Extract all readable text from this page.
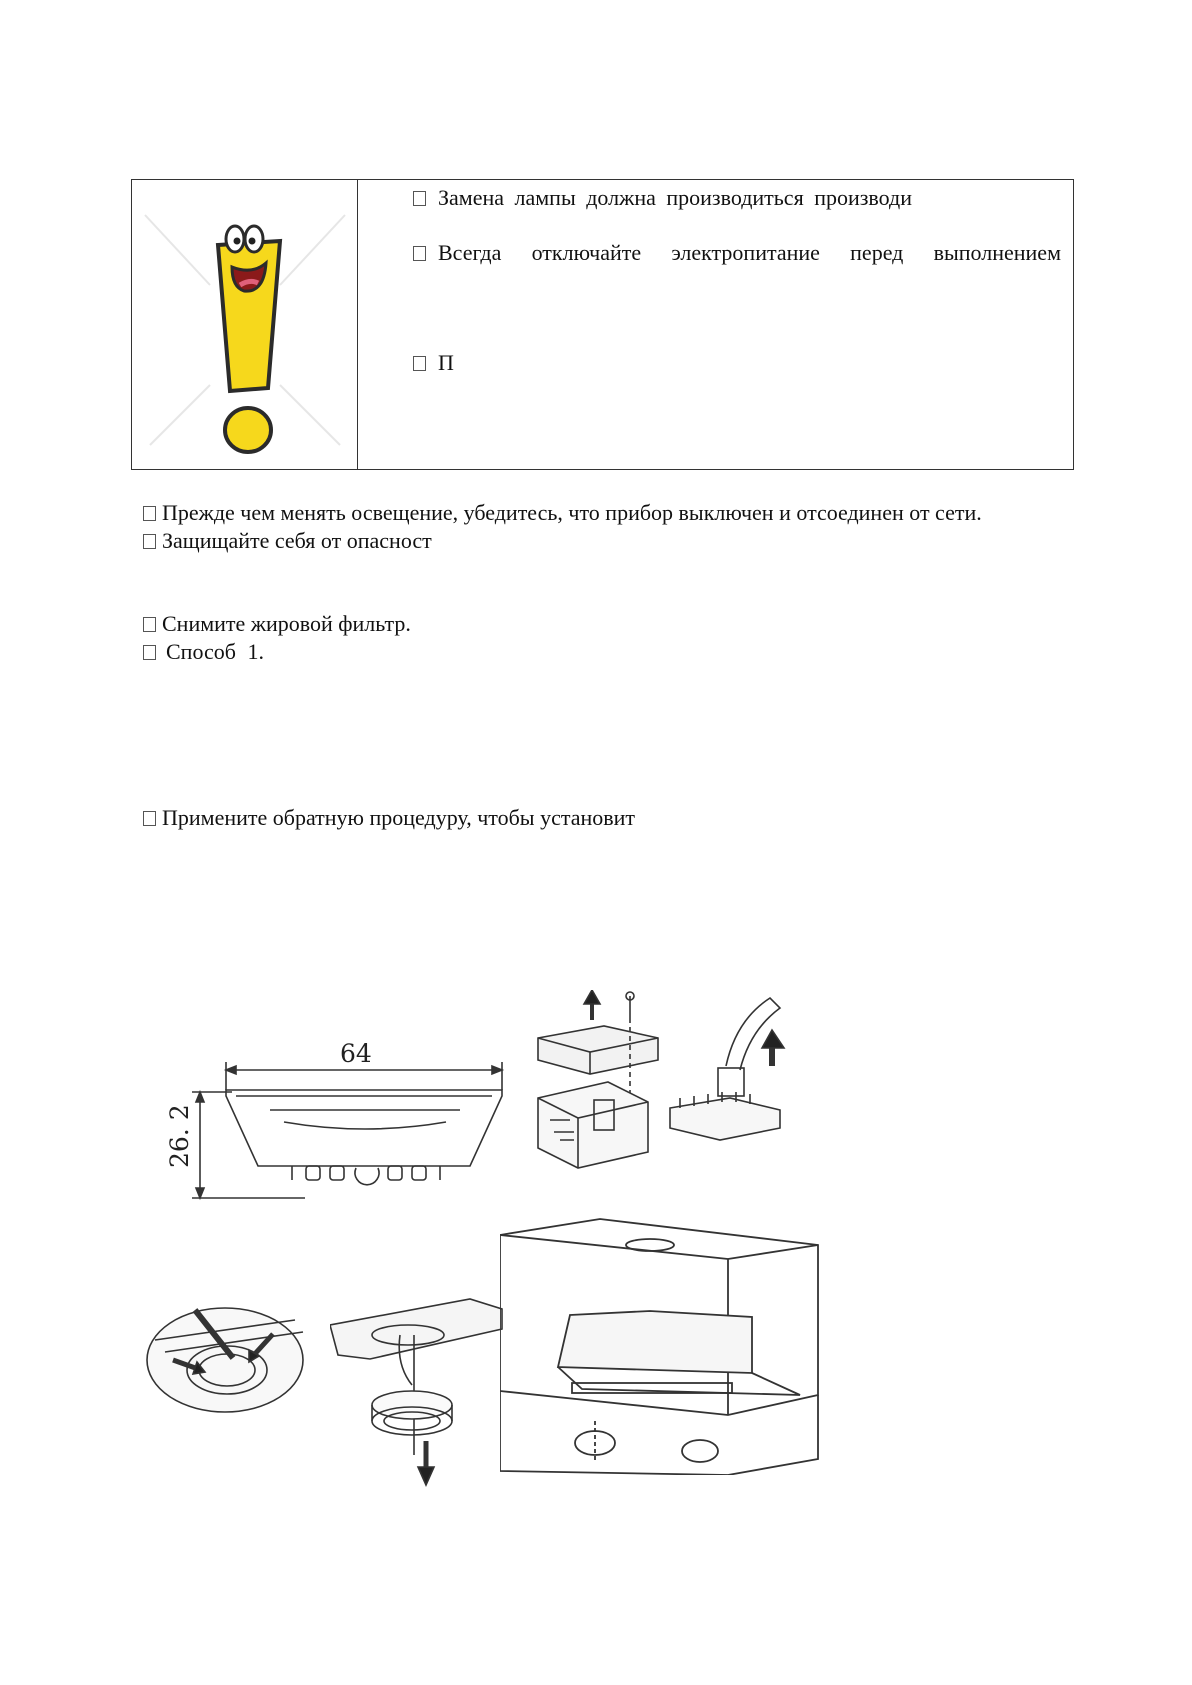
Замена лампы должна производиться производи
Всегда отключайте электропитание перед выполнением
П
Прежде чем менять освещение, убедитесь, что прибор выключен и отсоединен от сети.
Защищайте себя от опасност
Снимите жировой фильтр.
Способ 1.
Примените обратную процедуру, чтобы установит
64
26. 2
